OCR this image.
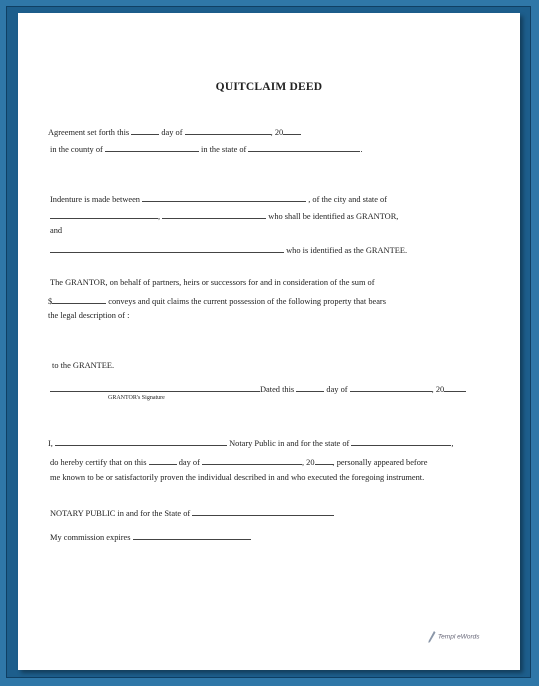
QUITCLAIM DEED
Agreement set forth this	day of	, 20
in the county of	in the state of	.
Indenture is made between	, of the city and state of
,	who shall be identified as GRANTOR,
and
who is identified as the GRANTEE.
The GRANTOR, on behalf of partners, heirs or successors for and in consideration of the sum of
$	conveys and quit claims the current possession of the following property that bears
the legal description of :
to the GRANTEE.
Dated this	day of	, 20
GRANTOR's Signature
I,	Notary Public in and for the state of	,
do hereby certify that on this	day of	, 20 , personally appeared before
me known to be or satisfactorily proven the individual described in and who executed the foregoing instrument.
NOTARY PUBLIC in and for the State of
My commission expires
Templ eWords
